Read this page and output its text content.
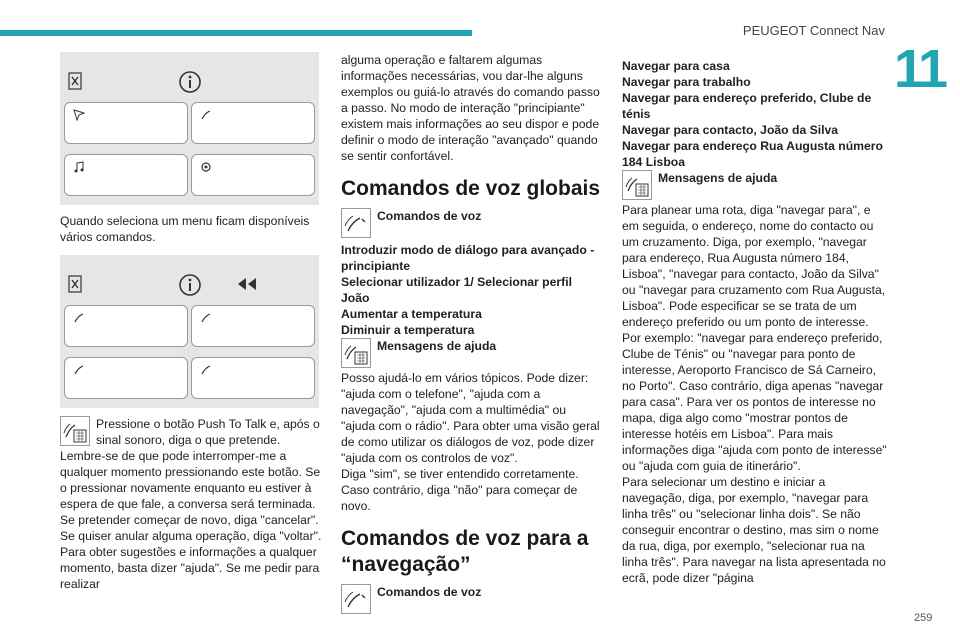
PEUGEOT Connect Nav
11
259

Quando seleciona um menu ficam disponíveis vários comandos.

Pressione o botão Push To Talk e, após o sinal sonoro, diga o que pretende.

Lembre-se de que pode interromper-me a qualquer momento pressionando este botão. Se o pressionar novamente enquanto eu estiver à espera de que fale, a conversa será terminada. Se pretender começar de novo, diga "cancelar". Se quiser anular alguma operação, diga "voltar". Para obter sugestões e informações a qualquer momento, basta dizer "ajuda". Se me pedir para realizar

alguma operação e faltarem algumas informações necessárias, vou dar-lhe alguns exemplos ou guiá-lo através do comando passo a passo. No modo de interação "principiante" existem mais informações ao seu dispor e pode definir o modo de interação "avançado" quando se sentir confortável.

Comandos de voz globais
Comandos de voz

Introduzir modo de diálogo para avançado - principiante

Selecionar utilizador 1/ Selecionar perfil João

Aumentar a temperatura

Diminuir a temperatura

Mensagens de ajuda

Posso ajudá-lo em vários tópicos. Pode dizer: "ajuda com o telefone", "ajuda com a navegação", "ajuda com a multimédia" ou "ajuda com o rádio". Para obter uma visão geral de como utilizar os diálogos de voz, pode dizer "ajuda com os controlos de voz".

Diga "sim", se tiver entendido corretamente. Caso contrário, diga "não" para começar de novo.

Comandos de voz para a “navegação”
Comandos de voz

Navegar para casa

Navegar para trabalho

Navegar para endereço preferido, Clube de ténis

Navegar para contacto, João da Silva

Navegar para endereço Rua Augusta número 184 Lisboa

Mensagens de ajuda

Para planear uma rota, diga "navegar para", e em seguida, o endereço, nome do contacto ou um cruzamento. Diga, por exemplo, "navegar para endereço, Rua Augusta número 184, Lisboa", "navegar para contacto, João da Silva" ou "navegar para cruzamento com Rua Augusta, Lisboa". Pode especificar se se trata de um endereço preferido ou um ponto de interesse. Por exemplo: "navegar para endereço preferido, Clube de Ténis" ou "navegar para ponto de interesse, Aeroporto Francisco de Sá Carneiro, no Porto". Caso contrário, diga apenas "navegar para casa". Para ver os pontos de interesse no mapa, diga algo como "mostrar pontos de interesse hotéis em Lisboa". Para mais informações diga "ajuda com ponto de interesse" ou "ajuda com guia de itinerário".

Para selecionar um destino e iniciar a navegação, diga, por exemplo, "navegar para linha três" ou "selecionar linha dois". Se não conseguir encontrar o destino, mas sim o nome da rua, diga, por exemplo, "selecionar rua na linha três". Para navegar na lista apresentada no ecrã, pode dizer "página
